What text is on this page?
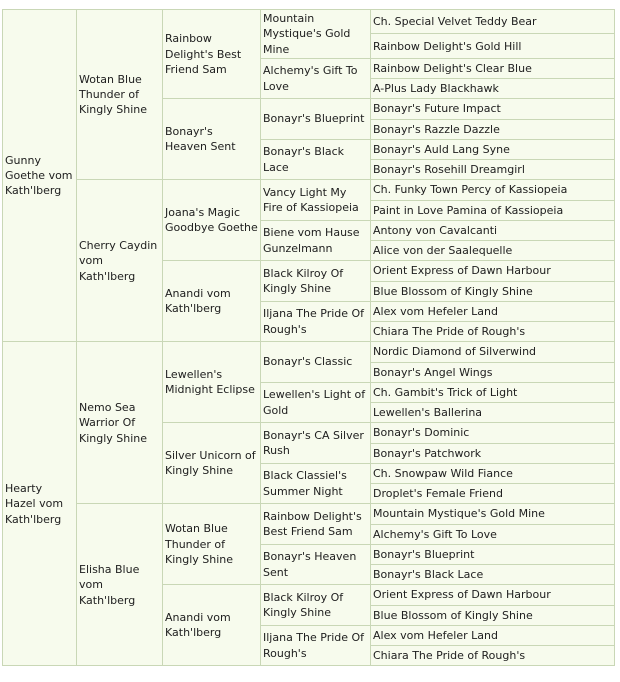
Gunny Goethe vom Kath'lberg	Wotan Blue Thunder of Kingly Shine	Rainbow Delight's Best Friend Sam	Mountain Mystique's Gold Mine	Ch. Special Velvet Teddy Bear
				Rainbow Delight's Gold Hill
			Alchemy's Gift To Love	Rainbow Delight's Clear Blue
				A-Plus Lady Blackhawk
		Bonayr's Heaven Sent	Bonayr's Blueprint	Bonayr's Future Impact
				Bonayr's Razzle Dazzle
			Bonayr's Black Lace	Bonayr's Auld Lang Syne
				Bonayr's Rosehill Dreamgirl
	Cherry Caydin vom Kath'lberg	Joana's Magic Goodbye Goethe	Vancy Light My Fire of Kassiopeia	Ch. Funky Town Percy of Kassiopeia
				Paint in Love Pamina of Kassiopeia
			Biene vom Hause Gunzelmann	Antony von Cavalcanti
				Alice von der Saalequelle
		Anandi vom Kath'lberg	Black Kilroy Of Kingly Shine	Orient Express of Dawn Harbour
				Blue Blossom of Kingly Shine
			Iljana The Pride Of Rough's	Alex vom Hefeler Land
				Chiara The Pride of Rough's
Hearty Hazel vom Kath'lberg	Nemo Sea Warrior Of Kingly Shine	Lewellen's Midnight Eclipse	Bonayr's Classic	Nordic Diamond of Silverwind
				Bonayr's Angel Wings
			Lewellen's Light of Gold	Ch. Gambit's Trick of Light
				Lewellen's Ballerina
		Silver Unicorn of Kingly Shine	Bonayr's CA Silver Rush	Bonayr's Dominic
				Bonayr's Patchwork
			Black Classiel's Summer Night	Ch. Snowpaw Wild Fiance
				Droplet's Female Friend
	Elisha Blue vom Kath'lberg	Wotan Blue Thunder of Kingly Shine	Rainbow Delight's Best Friend Sam	Mountain Mystique's Gold Mine
				Alchemy's Gift To Love
			Bonayr's Heaven Sent	Bonayr's Blueprint
				Bonayr's Black Lace
		Anandi vom Kath'lberg	Black Kilroy Of Kingly Shine	Orient Express of Dawn Harbour
				Blue Blossom of Kingly Shine
			Iljana The Pride Of Rough's	Alex vom Hefeler Land
				Chiara The Pride of Rough's
